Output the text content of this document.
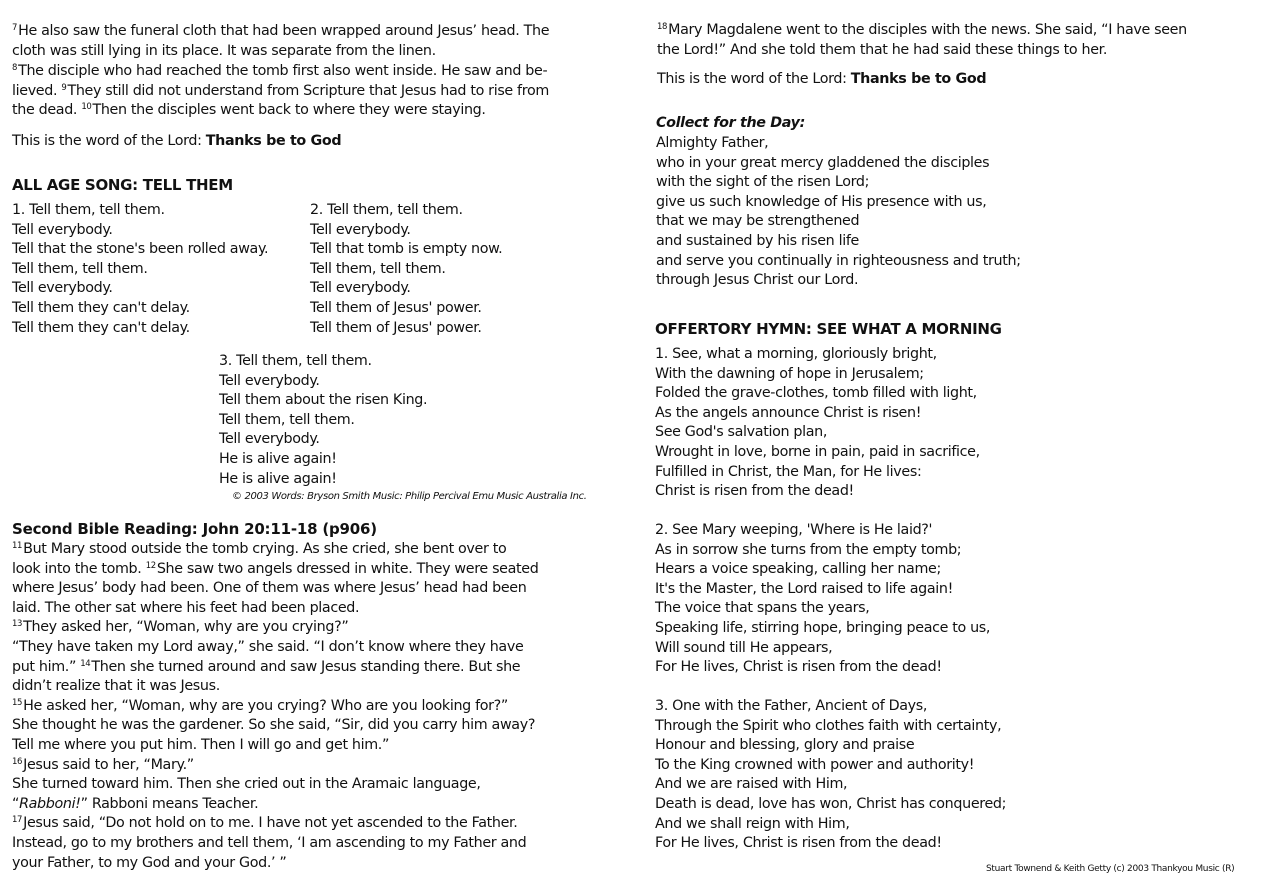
$^7$He also saw the funeral cloth that had been wrapped around Jesus’ head. The
cloth was still lying in its place. It was separate from the linen.
$^8$The disciple who had reached the tomb first also went inside. He saw and be-
lieved. $^9$They still did not understand from Scripture that Jesus had to rise from
the dead. $^{10}$Then the disciples went back to where they were staying.
This is the word of the Lord: Thanks be to God
ALL AGE SONG: TELL THEM
1. Tell them, tell them.
Tell everybody.
Tell that the stone's been rolled away.
Tell them, tell them.
Tell everybody.
Tell them they can't delay.
Tell them they can't delay.
2. Tell them, tell them.
Tell everybody.
Tell that tomb is empty now.
Tell them, tell them.
Tell everybody.
Tell them of Jesus' power.
Tell them of Jesus' power.
3. Tell them, tell them.
Tell everybody.
Tell them about the risen King.
Tell them, tell them.
Tell everybody.
He is alive again!
He is alive again!
© 2003 Words: Bryson Smith Music: Philip Percival Emu Music Australia Inc.
Second Bible Reading: John 20:11-18 (p906)
$^{11}$But Mary stood outside the tomb crying. As she cried, she bent over to
look into the tomb. $^{12}$She saw two angels dressed in white. They were seated
where Jesus’ body had been. One of them was where Jesus’ head had been
laid. The other sat where his feet had been placed.
$^{13}$They asked her, “Woman, why are you crying?”
“They have taken my Lord away,” she said. “I don’t know where they have
put him.” $^{14}$Then she turned around and saw Jesus standing there. But she
didn’t realize that it was Jesus.
$^{15}$He asked her, “Woman, why are you crying? Who are you looking for?”
She thought he was the gardener. So she said, “Sir, did you carry him away?
Tell me where you put him. Then I will go and get him.”
$^{16}$Jesus said to her, “Mary.”
She turned toward him. Then she cried out in the Aramaic language,
“Rabboni!” Rabboni means Teacher.
$^{17}$Jesus said, “Do not hold on to me. I have not yet ascended to the Father.
Instead, go to my brothers and tell them, ‘I am ascending to my Father and
your Father, to my God and your God.’ ”
$^{18}$Mary Magdalene went to the disciples with the news. She said, “I have seen
the Lord!” And she told them that he had said these things to her.
This is the word of the Lord: Thanks be to God
Collect for the Day:
Almighty Father,
who in your great mercy gladdened the disciples
with the sight of the risen Lord;
give us such knowledge of His presence with us,
that we may be strengthened
and sustained by his risen life
and serve you continually in righteousness and truth;
through Jesus Christ our Lord.
OFFERTORY HYMN: SEE WHAT A MORNING
1. See, what a morning, gloriously bright,
With the dawning of hope in Jerusalem;
Folded the grave-clothes, tomb filled with light,
As the angels announce Christ is risen!
See God's salvation plan,
Wrought in love, borne in pain, paid in sacrifice,
Fulfilled in Christ, the Man, for He lives:
Christ is risen from the dead!
2. See Mary weeping, 'Where is He laid?'
As in sorrow she turns from the empty tomb;
Hears a voice speaking, calling her name;
It's the Master, the Lord raised to life again!
The voice that spans the years,
Speaking life, stirring hope, bringing peace to us,
Will sound till He appears,
For He lives, Christ is risen from the dead!
3. One with the Father, Ancient of Days,
Through the Spirit who clothes faith with certainty,
Honour and blessing, glory and praise
To the King crowned with power and authority!
And we are raised with Him,
Death is dead, love has won, Christ has conquered;
And we shall reign with Him,
For He lives, Christ is risen from the dead!
Stuart Townend & Keith Getty (c) 2003 Thankyou Music (R)
